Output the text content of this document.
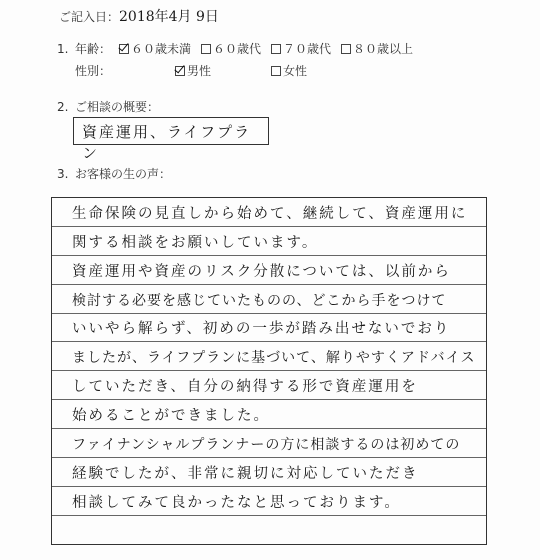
ご記入日：2018年4月 9日
1. 年齢： ６０歳未満 ６０歳代 ７０歳代 ８０歳以上
性別：	男性	女性
2. ご相談の概要：
資産運用、ライフプラン
3. お客様の生の声：
生命保険の見直しから始めて、継続して、資産運用に
関する相談をお願いしています。
資産運用や資産のリスク分散については、以前から
検討する必要を感じていたものの、どこから手をつけて
いいやら解らず、初めの一歩が踏み出せないでおり
ましたが、ライフプランに基づいて、解りやすくアドバイス
していただき、自分の納得する形で資産運用を
始めることができました。
ファイナンシャルプランナーの方に相談するのは初めての
経験でしたが、非常に親切に対応していただき
相談してみて良かったなと思っております。
